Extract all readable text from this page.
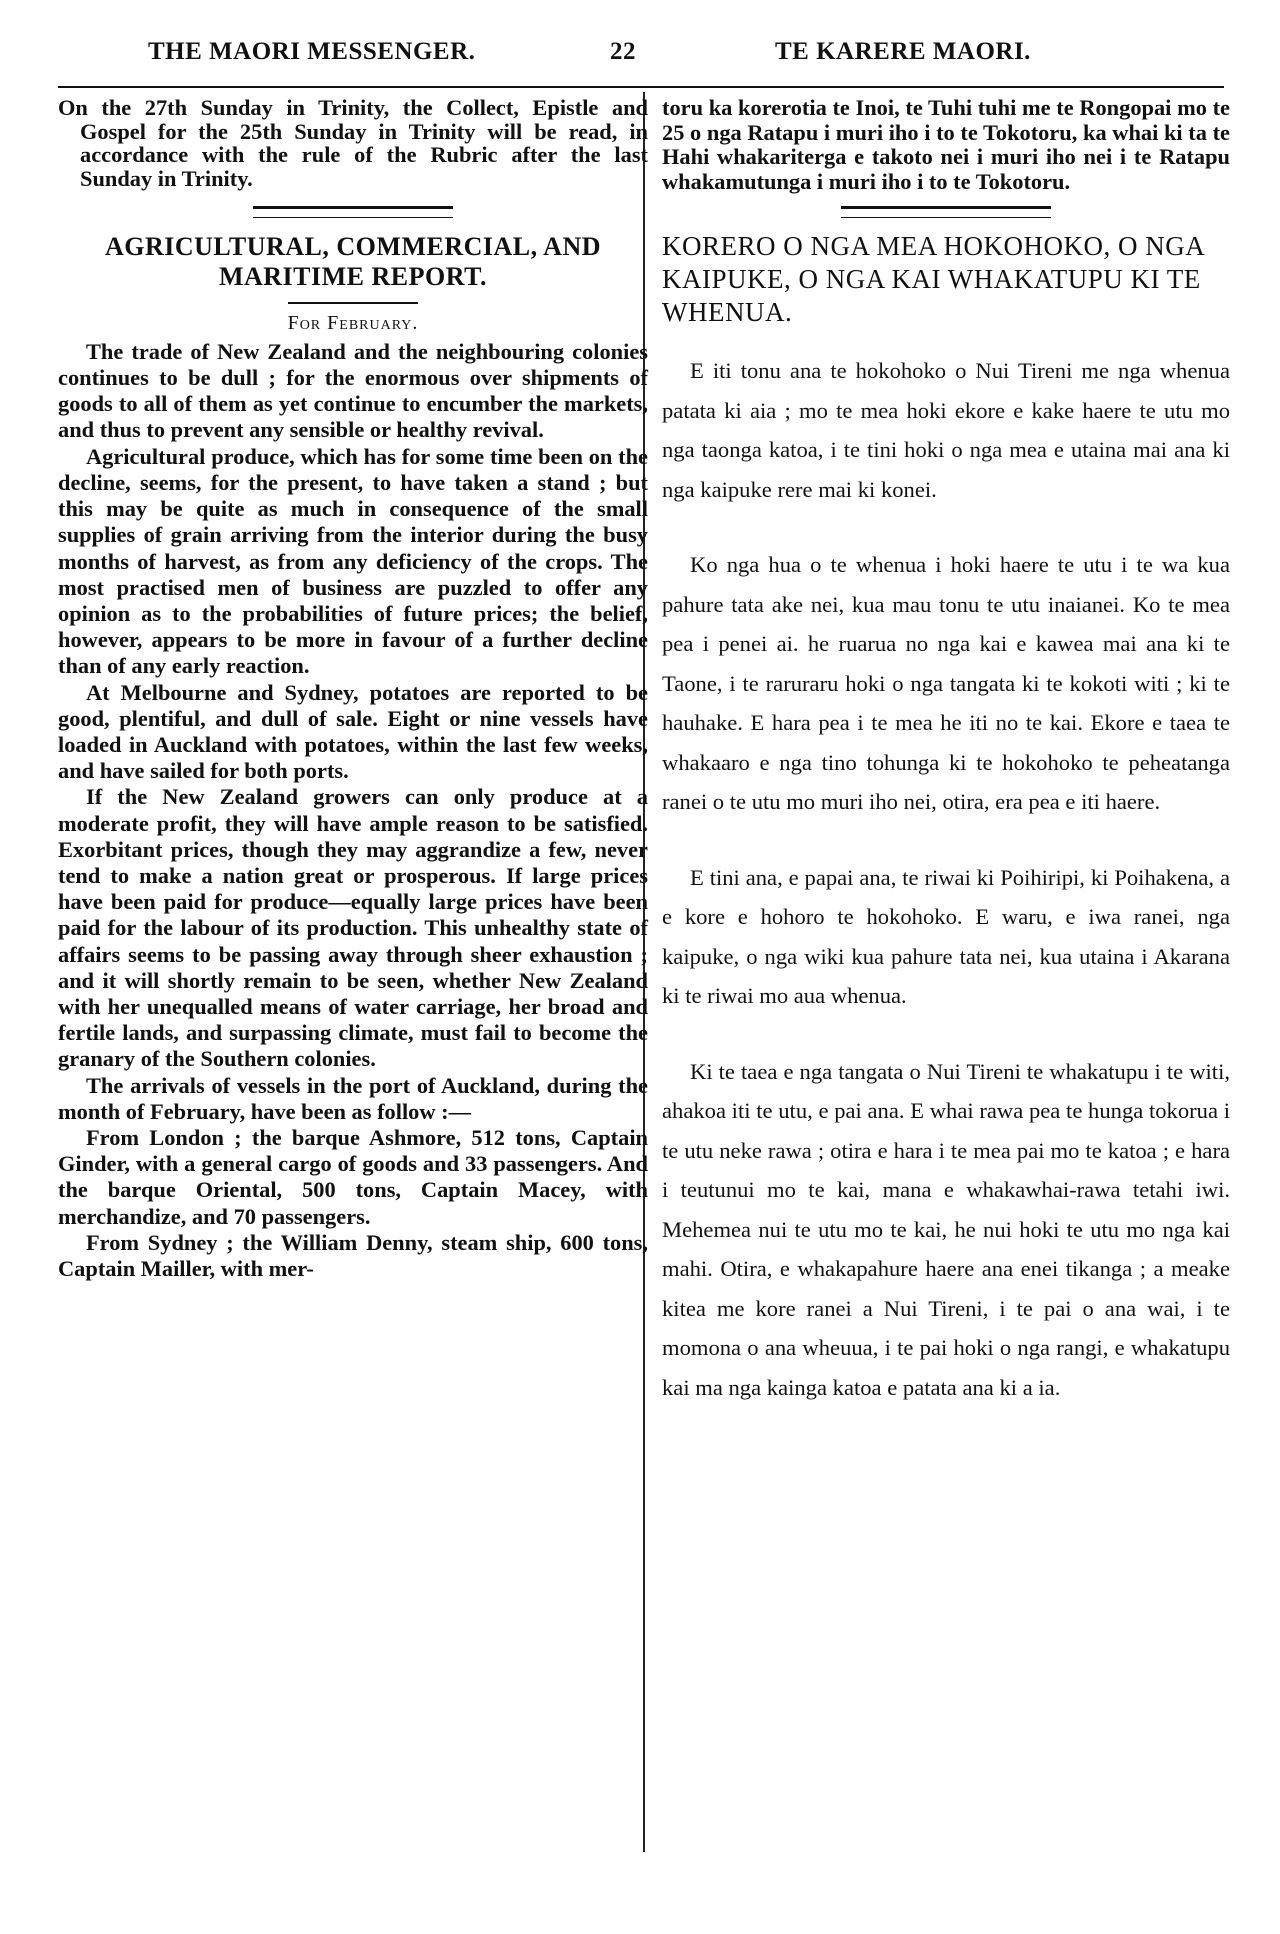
THE MAORI MESSENGER.	22	TE KARERE MAORI.

On the 27th Sunday in Trinity, the Collect, Epistle and Gospel for the 25th Sunday in Trinity will be read, in accordance with the rule of the Rubric after the last Sunday in Trinity.

AGRICULTURAL, COMMERCIAL, AND MARITIME REPORT.

For February.

The trade of New Zealand and the neighbouring colonies continues to be dull ; for the enormous over shipments of goods to all of them as yet continue to encumber the markets, and thus to prevent any sensible or healthy revival.

Agricultural produce, which has for some time been on the decline, seems, for the present, to have taken a stand ; but this may be quite as much in consequence of the small supplies of grain arriving from the interior during the busy months of harvest, as from any deficiency of the crops. The most practised men of business are puzzled to offer any opinion as to the probabilities of future prices; the belief, however, appears to be more in favour of a further decline than of any early reaction.

At Melbourne and Sydney, potatoes are reported to be good, plentiful, and dull of sale. Eight or nine vessels have loaded in Auckland with potatoes, within the last few weeks, and have sailed for both ports.

If the New Zealand growers can only produce at a moderate profit, they will have ample reason to be satisfied. Exorbitant prices, though they may aggrandize a few, never tend to make a nation great or prosperous. If large prices have been paid for produce—equally large prices have been paid for the labour of its production. This unhealthy state of affairs seems to be passing away through sheer exhaustion ; and it will shortly remain to be seen, whether New Zealand with her unequalled means of water carriage, her broad and fertile lands, and surpassing climate, must fail to become the granary of the Southern colonies.

The arrivals of vessels in the port of Auckland, during the month of February, have been as follow :—

From London ; the barque Ashmore, 512 tons, Captain Ginder, with a general cargo of goods and 33 passengers. And the barque Oriental, 500 tons, Captain Macey, with merchandize, and 70 passengers.

From Sydney ; the William Denny, steam ship, 600 tons, Captain Mailler, with mer-

toru ka korerotia te Inoi, te Tuhi tuhi me te Rongopai mo te 25 o nga Ratapu i muri iho i to te Tokotoru, ka whai ki ta te Hahi whakariterga e takoto nei i muri iho nei i te Ratapu whakamutunga i muri iho i to te Tokotoru.

KORERO O NGA MEA HOKOHOKO, O NGA KAIPUKE, O NGA KAI WHAKATUPU KI TE WHENUA.

E iti tonu ana te hokohoko o Nui Tireni me nga whenua patata ki aia ; mo te mea hoki ekore e kake haere te utu mo nga taonga katoa, i te tini hoki o nga mea e utaina mai ana ki nga kaipuke rere mai ki konei.

Ko nga hua o te whenua i hoki haere te utu i te wa kua pahure tata ake nei, kua mau tonu te utu inaianei. Ko te mea pea i penei ai. he ruarua no nga kai e kawea mai ana ki te Taone, i te raruraru hoki o nga tangata ki te kokoti witi ; ki te hauhake. E hara pea i te mea he iti no te kai. Ekore e taea te whakaaro e nga tino tohunga ki te hokohoko te peheatanga ranei o te utu mo muri iho nei, otira, era pea e iti haere.

E tini ana, e papai ana, te riwai ki Poihiripi, ki Poihakena, a e kore e hohoro te hokohoko. E waru, e iwa ranei, nga kaipuke, o nga wiki kua pahure tata nei, kua utaina i Akarana ki te riwai mo aua whenua.

Ki te taea e nga tangata o Nui Tireni te whakatupu i te witi, ahakoa iti te utu, e pai ana. E whai rawa pea te hunga tokorua i te utu neke rawa ; otira e hara i te mea pai mo te katoa ; e hara i teutunui mo te kai, mana e whakawhai-rawa tetahi iwi. Mehemea nui te utu mo te kai, he nui hoki te utu mo nga kai mahi. Otira, e whakapahure haere ana enei tikanga ; a meake kitea me kore ranei a Nui Tireni, i te pai o ana wai, i te momona o ana wheuua, i te pai hoki o nga rangi, e whakatupu kai ma nga kainga katoa e patata ana ki a ia.
